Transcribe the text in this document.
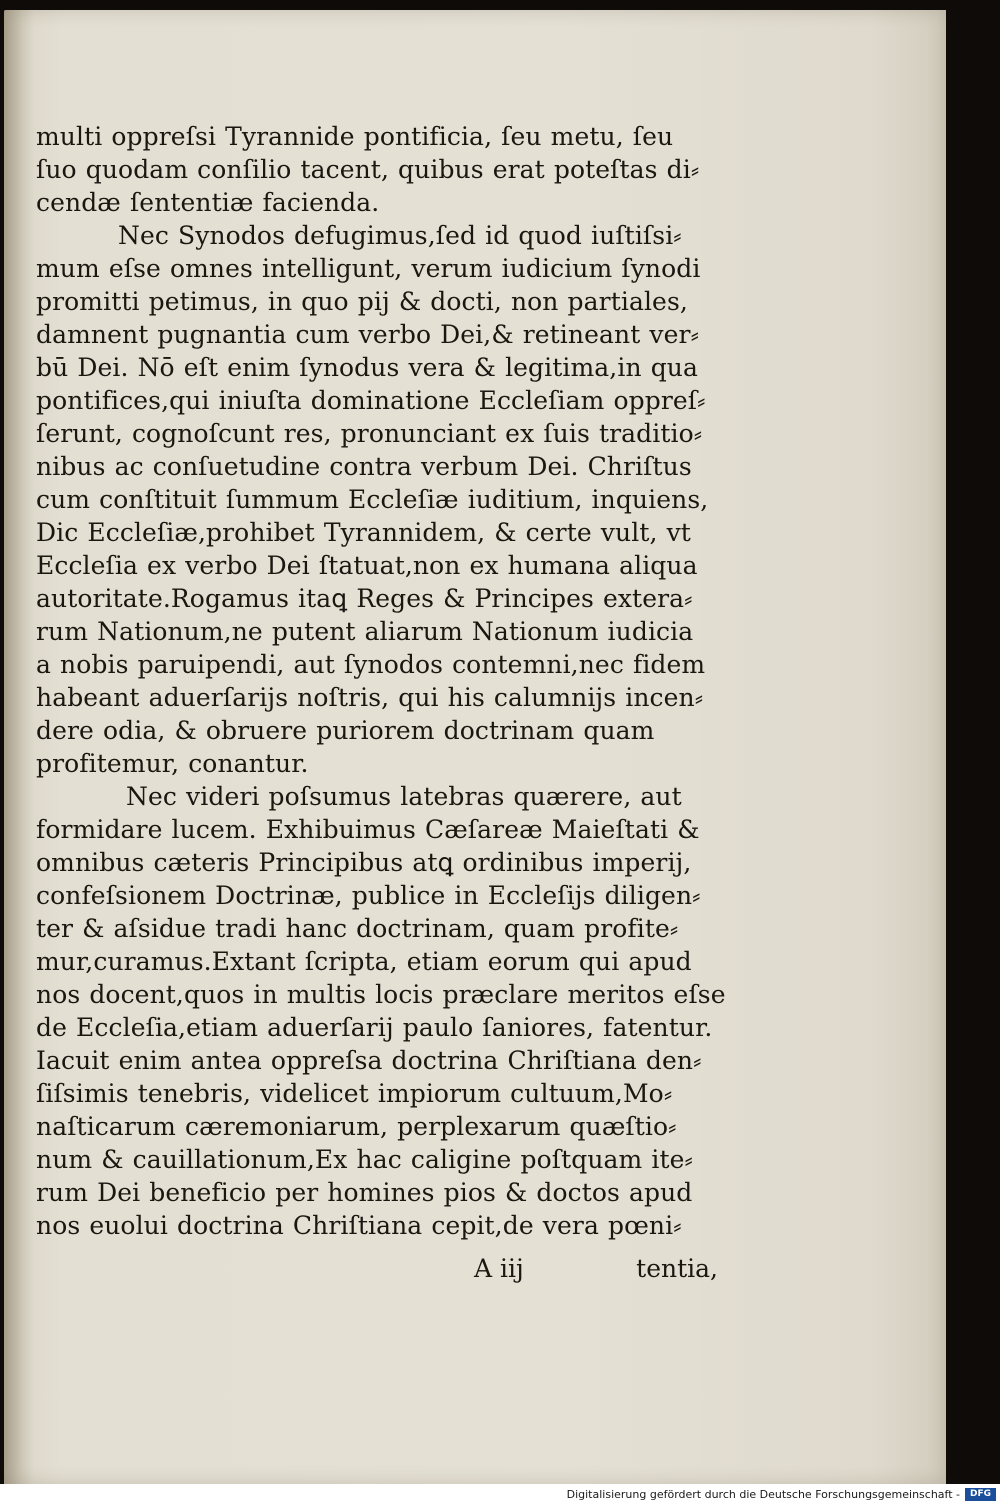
multi oppreſsi Tyrannide pontificia, ſeu metu, ſeu
ſuo quodam conſilio tacent, quibus erat poteſtas di⸗
cendæ ſententiæ facienda.
Nec Synodos defugimus,ſed id quod iuſtiſsi⸗
mum eſse omnes intelligunt, verum iudicium ſynodi
promitti petimus, in quo pij & docti, non partiales,
damnent pugnantia cum verbo Dei,& retineant ver⸗
bū Dei. Nō eſt enim ſynodus vera & legitima,in qua
pontifices,qui iniuſta dominatione Eccleſiam oppreſ⸗
ſerunt, cognoſcunt res, pronunciant ex ſuis traditio⸗
nibus ac conſuetudine contra verbum Dei. Chriſtus
cum conſtituit ſummum Eccleſiæ iuditium, inquiens,
Dic Eccleſiæ,prohibet Tyrannidem, & certe vult, vt
Eccleſia ex verbo Dei ſtatuat,non ex humana aliqua
autoritate.Rogamus itaꝗ Reges & Principes extera⸗
rum Nationum,ne putent aliarum Nationum iudicia
a nobis paruipendi, aut ſynodos contemni,nec fidem
habeant aduerſarijs noſtris, qui his calumnijs incen⸗
dere odia, & obruere puriorem doctrinam quam
profitemur, conantur.
Nec videri poſsumus latebras quærere, aut
formidare lucem. Exhibuimus Cæſareæ Maieſtati &
omnibus cæteris Principibus atꝗ ordinibus imperij,
confeſsionem Doctrinæ, publice in Eccleſijs diligen⸗
ter & aſsidue tradi hanc doctrinam, quam profite⸗
mur,curamus.Extant ſcripta, etiam eorum qui apud
nos docent,quos in multis locis præclare meritos eſse
de Eccleſia,etiam aduerſarij paulo ſaniores, fatentur.
Iacuit enim antea oppreſsa doctrina Chriſtiana den⸗
ſiſsimis tenebris, videlicet impiorum cultuum,Mo⸗
naſticarum cæremoniarum, perplexarum quæſtio⸗
num & cauillationum,Ex hac caligine poſtquam ite⸗
rum Dei beneficio per homines pios & doctos apud
nos euolui doctrina Chriſtiana cepit,de vera pœni⸗
A iij	tentia,
Digitalisierung gefördert durch die Deutsche Forschungsgemeinschaft -	DFG
